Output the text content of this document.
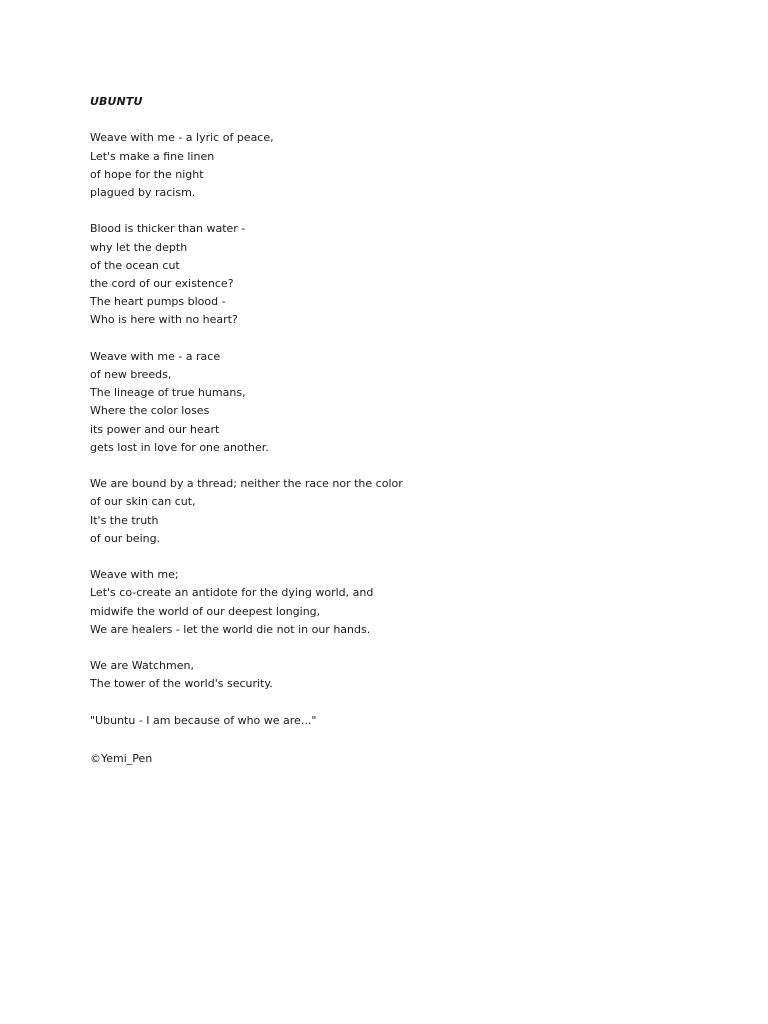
UBUNTU
Weave with me - a lyric of peace,
Let's make a fine linen
of hope for the night
plagued by racism.
Blood is thicker than water -
why let the depth
of the ocean cut
the cord of our existence?
The heart pumps blood -
Who is here with no heart?
Weave with me - a race
of new breeds,
The lineage of true humans,
Where the color loses
its power and our heart
gets lost in love for one another.
We are bound by a thread; neither the race nor the color
of our skin can cut,
It's the truth
of our being.
Weave with me;
Let's co-create an antidote for the dying world, and
midwife the world of our deepest longing,
We are healers - let the world die not in our hands.
We are Watchmen,
The tower of the world's security.
"Ubuntu - I am because of who we are..."
©Yemi_Pen
